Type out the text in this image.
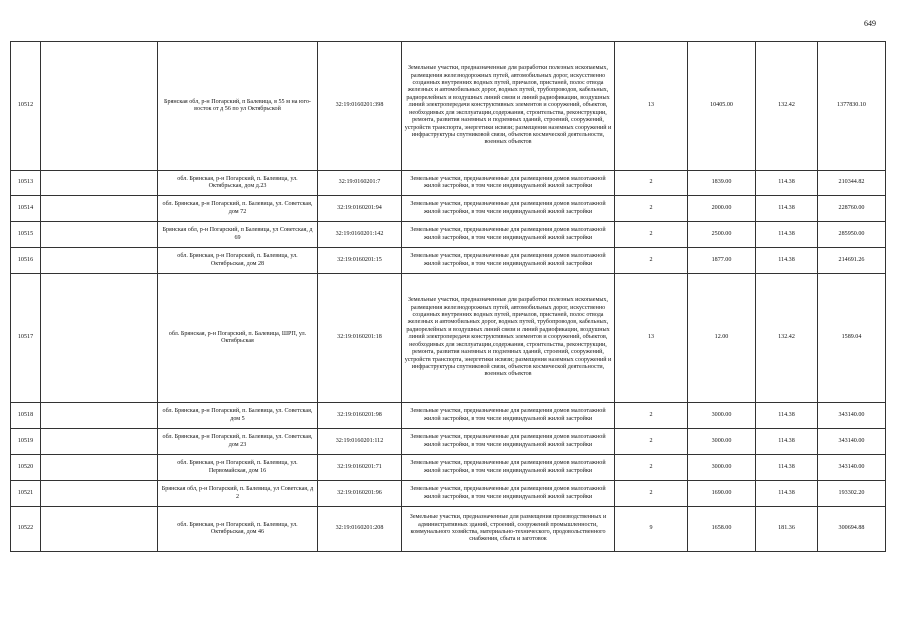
649
10512		Брянская обл, р-н Погарский, п Балевица, в 55 м на юго-восток от д 56 по ул Октябрьской	32:19:0160201:398	Земельные участки, предназначенные для разработки полезных ископаемых, размещения железнодорожных путей, автомобильных дорог, искусственно созданных внутренних водных путей, причалов, пристаней, полос отвода железных и автомобильных дорог, водных путей, трубопроводов, кабельных, радиорелейных и воздушных линий связи и линий радиофикации, воздушных линий электропередачи конструктивных элементов и сооружений, объектов, необходимых для эксплуатации,содержания, строительства, реконструкции, ремонта, развития наземных и подземных зданий, строений, сооружений, устройств транспорта, энергетики исвязи; размещения наземных сооружений и инфраструктуры спутниковой связи, объектов космической деятельности, военных объектов	13	10405.00	132.42	1377830.10
10513		обл. Брянская, р-н Погарский, п. Балевица, ул. Октябрьская, дом д.23	32:19:0160201:7	Земельные участки, предназначенные для размещения домов малоэтажной жилой застройки, в том числе индивидуальной жилой застройки	2	1839.00	114.38	210344.82
10514		обл. Брянская, р-н Погарский, п. Балевица, ул. Советская, дом 72	32:19:0160201:94	Земельные участки, предназначенные для размещения домов малоэтажной жилой застройки, в том числе индивидуальной жилой застройки	2	2000.00	114.38	228760.00
10515		Брянская обл, р-н Погарский, п Балевица, ул Советская, д 69	32:19:0160201:142	Земельные участки, предназначенные для размещения домов малоэтажной жилой застройки, в том числе индивидуальной жилой застройки	2	2500.00	114.38	285950.00
10516		обл. Брянская, р-н Погарский, п. Балевица, ул. Октябрьская, дом 28	32:19:0160201:15	Земельные участки, предназначенные для размещения домов малоэтажной жилой застройки, в том числе индивидуальной жилой застройки	2	1877.00	114.38	214691.26
10517		обл. Брянская, р-н Погарский, п. Балевица, ШРП, ул. Октябрьская	32:19:0160201:18	Земельные участки, предназначенные для разработки полезных ископаемых, размещения железнодорожных путей, автомобильных дорог, искусственно созданных внутренних водных путей, причалов, пристаней, полос отвода железных и автомобильных дорог, водных путей, трубопроводов, кабельных, радиорелейных и воздушных линий связи и линий радиофикации, воздушных линий электропередачи конструктивных элементов и сооружений, объектов, необходимых для эксплуатации,содержания, строительства, реконструкции, ремонта, развития наземных и подземных зданий, строений, сооружений, устройств транспорта, энергетики исвязи; размещения наземных сооружений и инфраструктуры спутниковой связи, объектов космической деятельности, военных объектов	13	12.00	132.42	1589.04
10518		обл. Брянская, р-н Погарский, п. Балевица, ул. Советская, дом 5	32:19:0160201:98	Земельные участки, предназначенные для размещения домов малоэтажной жилой застройки, в том числе индивидуальной жилой застройки	2	3000.00	114.38	343140.00
10519		обл. Брянская, р-н Погарский, п. Балевица, ул. Советская, дом 23	32:19:0160201:112	Земельные участки, предназначенные для размещения домов малоэтажной жилой застройки, в том числе индивидуальной жилой застройки	2	3000.00	114.38	343140.00
10520		обл. Брянская, р-н Погарский, п. Балевица, ул. Первомайская, дом 16	32:19:0160201:71	Земельные участки, предназначенные для размещения домов малоэтажной жилой застройки, в том числе индивидуальной жилой застройки	2	3000.00	114.38	343140.00
10521		Брянская обл, р-н Погарский, п. Балевица, ул Советская, д 2	32:19:0160201:96	Земельные участки, предназначенные для размещения домов малоэтажной жилой застройки, в том числе индивидуальной жилой застройки	2	1690.00	114.38	193302.20
10522		обл. Брянская, р-н Погарский, п. Балевица, ул. Октябрьская, дом 46	32:19:0160201:208	Земельные участки, предназначенные для размещения производственных и административных зданий, строений, сооружений промышленности, коммунального хозяйства, материально-технического, продовольственного снабжения, сбыта и заготовок	9	1658.00	181.36	300694.88
